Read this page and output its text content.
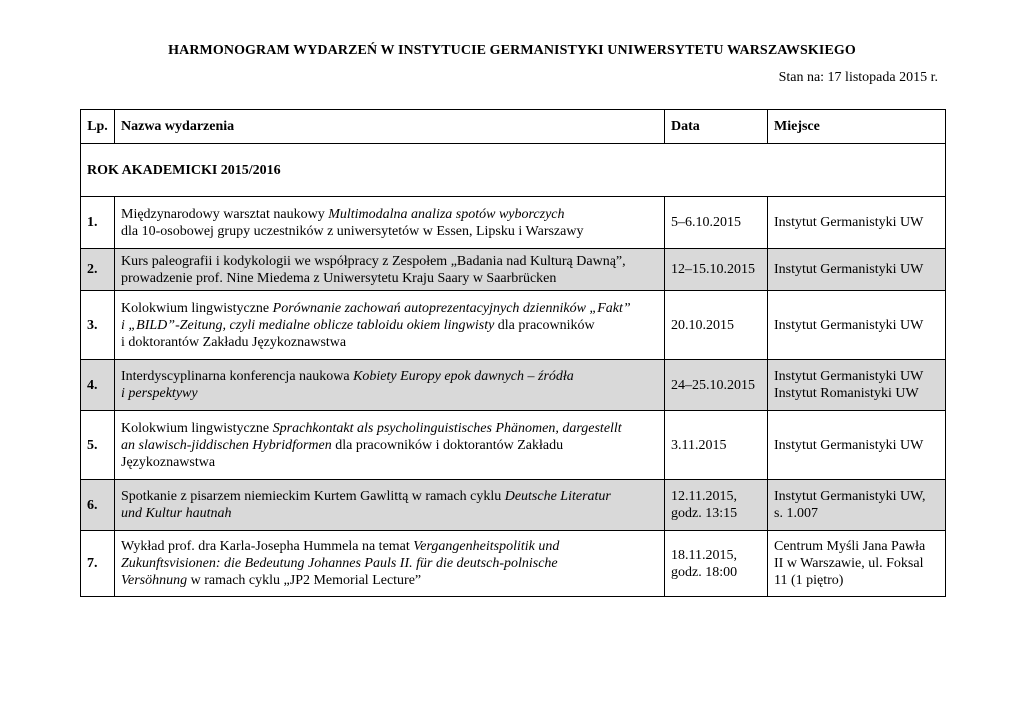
HARMONOGRAM WYDARZEŃ W INSTYTUCIE GERMANISTYKI UNIWERSYTETU WARSZAWSKIEGO
Stan na: 17 listopada 2015 r.
Lp.	Nazwa wydarzenia	Data	Miejsce
ROK AKADEMICKI 2015/2016			
1.	Międzynarodowy warsztat naukowy Multimodalna analiza spotów wyborczych
dla 10-osobowej grupy uczestników z uniwersytetów w Essen, Lipsku i Warszawy	5–6.10.2015	Instytut Germanistyki UW
2.	Kurs paleografii i kodykologii we współpracy z Zespołem „Badania nad Kulturą Dawną”,
prowadzenie prof. Nine Miedema z Uniwersytetu Kraju Saary w Saarbrücken	12–15.10.2015	Instytut Germanistyki UW
3.	Kolokwium lingwistyczne Porównanie zachowań autoprezentacyjnych dzienników „Fakt”
i „BILD”-Zeitung, czyli medialne oblicze tabloidu okiem lingwisty dla pracowników
i doktorantów Zakładu Językoznawstwa	20.10.2015	Instytut Germanistyki UW
4.	Interdyscyplinarna konferencja naukowa Kobiety Europy epok dawnych – źródła
i perspektywy	24–25.10.2015	Instytut Germanistyki UW
Instytut Romanistyki UW
5.	Kolokwium lingwistyczne Sprachkontakt als psycholinguistisches Phänomen, dargestellt
an slawisch-jiddischen Hybridformen dla pracowników i doktorantów Zakładu
Językoznawstwa	3.11.2015	Instytut Germanistyki UW
6.	Spotkanie z pisarzem niemieckim Kurtem Gawlittą w ramach cyklu Deutsche Literatur
und Kultur hautnah	12.11.2015,
godz. 13:15	Instytut Germanistyki UW,
s. 1.007
7.	Wykład prof. dra Karla-Josepha Hummela na temat Vergangenheitspolitik und
Zukunftsvisionen: die Bedeutung Johannes Pauls II. für die deutsch-polnische
Versöhnung w ramach cyklu „JP2 Memorial Lecture”	18.11.2015,
godz. 18:00	Centrum Myśli Jana Pawła
II w Warszawie, ul. Foksal
11 (1 piętro)
